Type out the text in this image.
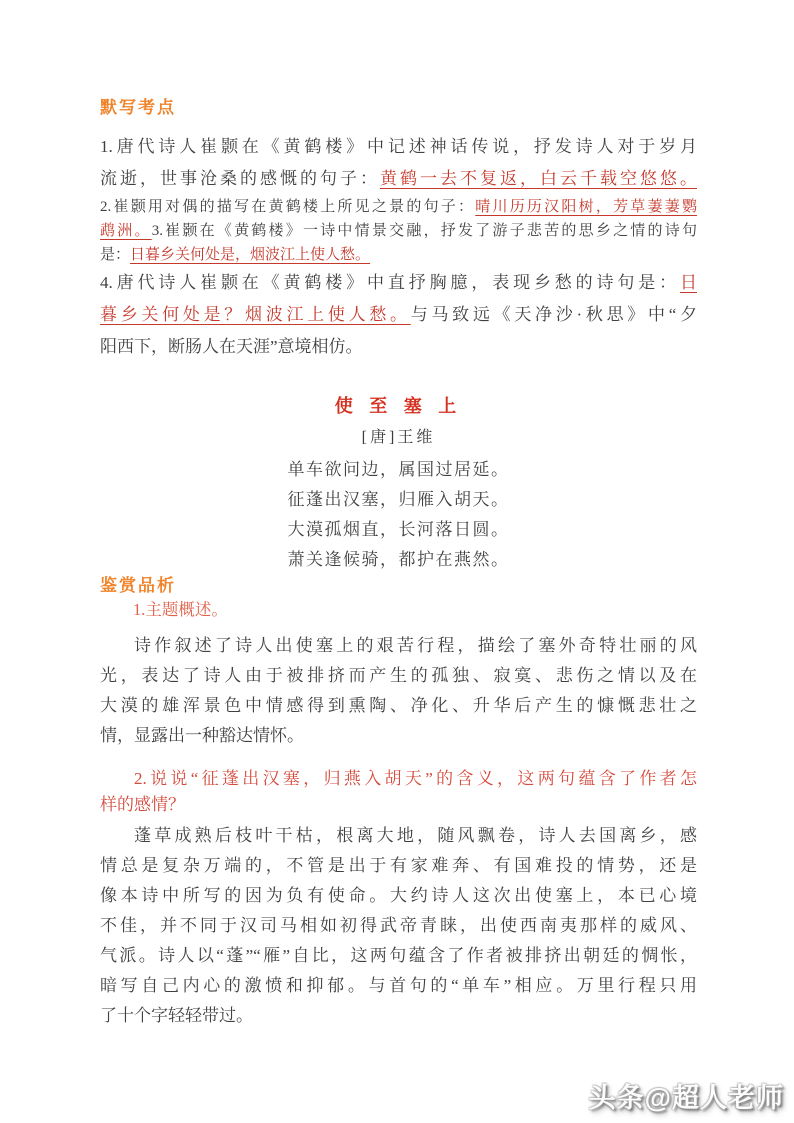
默写考点
1.唐代诗人崔颢在《黄鹤楼》中记述神话传说，抒发诗人对于岁月
流逝，世事沧桑的感慨的句子：黄鹤一去不复返，白云千载空悠悠。
2.崔颢用对偶的描写在黄鹤楼上所见之景的句子：晴川历历汉阳树，芳草萋萋鹦
鹉洲。3.崔颢在《黄鹤楼》一诗中情景交融，抒发了游子悲苦的思乡之情的诗句
是：日暮乡关何处是，烟波江上使人愁。
4.唐代诗人崔颢在《黄鹤楼》中直抒胸臆，表现乡愁的诗句是：日
暮乡关何处是？烟波江上使人愁。与马致远《天净沙·秋思》中“夕
阳西下，断肠人在天涯”意境相仿。
使 至 塞 上
[唐]王维
单车欲问边，属国过居延。
征蓬出汉塞，归雁入胡天。
大漠孤烟直，长河落日圆。
萧关逢候骑，都护在燕然。
鉴赏品析
1.主题概述。
诗作叙述了诗人出使塞上的艰苦行程，描绘了塞外奇特壮丽的风
光，表达了诗人由于被排挤而产生的孤独、寂寞、悲伤之情以及在
大漠的雄浑景色中情感得到熏陶、净化、升华后产生的慷慨悲壮之
情，显露出一种豁达情怀。
2.说说“征蓬出汉塞，归燕入胡天”的含义，这两句蕴含了作者怎
样的感情？
蓬草成熟后枝叶干枯，根离大地，随风飘卷，诗人去国离乡，感
情总是复杂万端的，不管是出于有家难奔、有国难投的情势，还是
像本诗中所写的因为负有使命。大约诗人这次出使塞上，本已心境
不佳，并不同于汉司马相如初得武帝青睐，出使西南夷那样的威风、
气派。诗人以“蓬”“雁”自比，这两句蕴含了作者被排挤出朝廷的惆怅，
暗写自己内心的激愤和抑郁。与首句的“单车”相应。万里行程只用
了十个字轻轻带过。
头条@超人老师
